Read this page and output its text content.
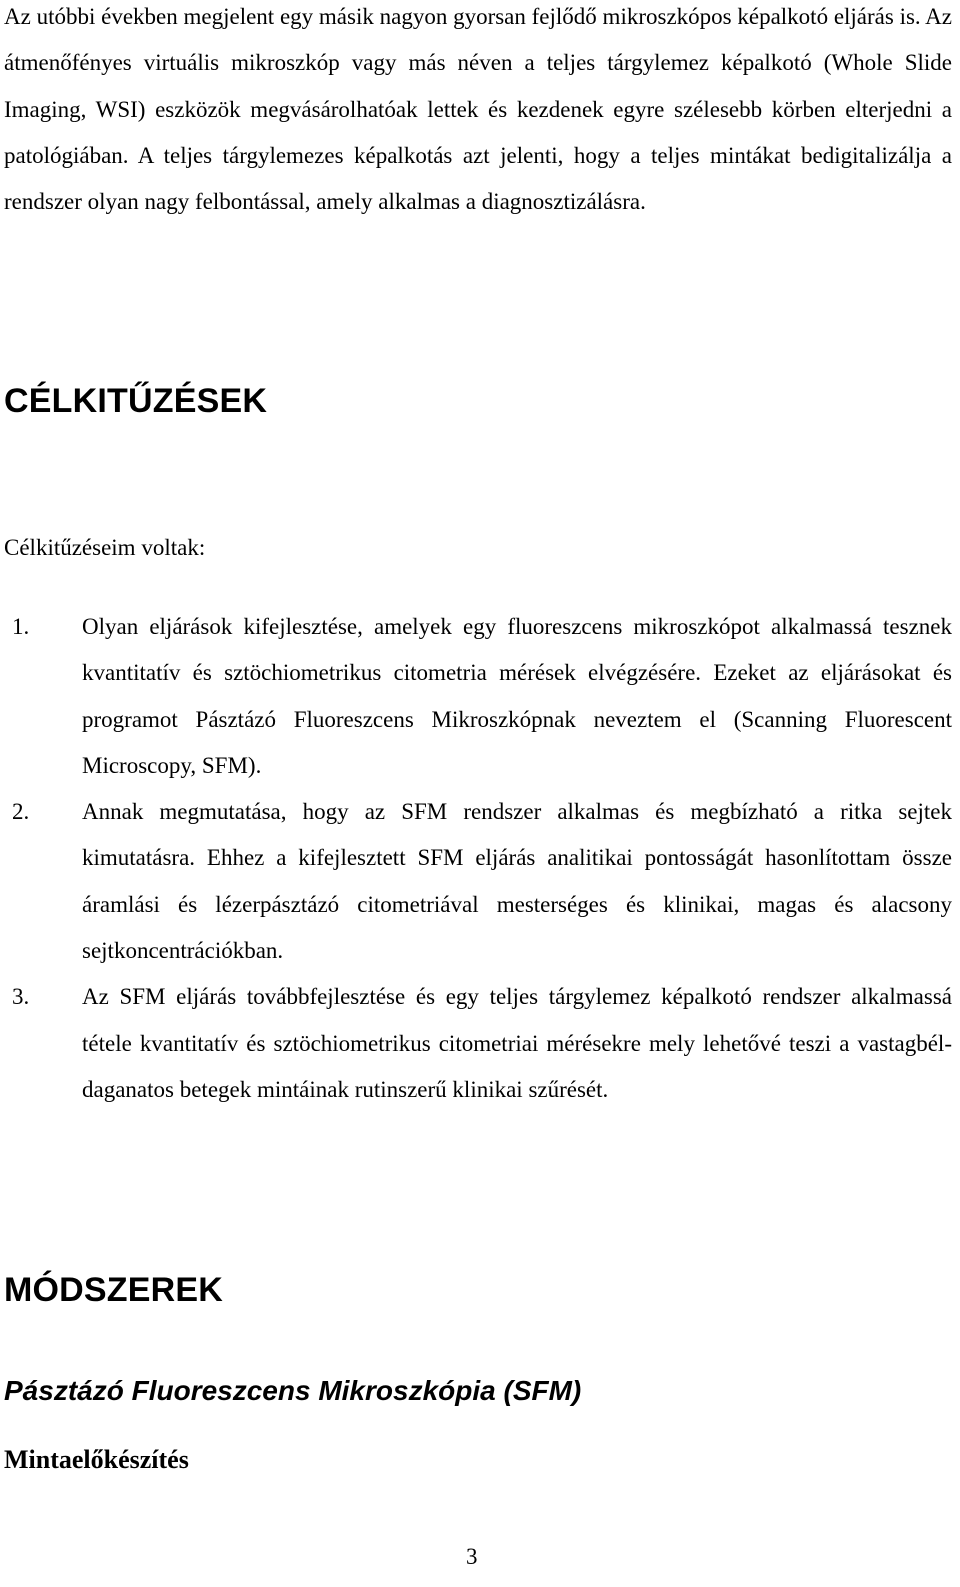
Az utóbbi években megjelent egy másik nagyon gyorsan fejlődő mikroszkópos képalkotó eljárás is. Az átmenőfényes virtuális mikroszkóp vagy más néven a teljes tárgylemez képalkotó (Whole Slide Imaging, WSI) eszközök megvásárolhatóak lettek és kezdenek egyre szélesebb körben elterjedni a patológiában. A teljes tárgylemezes képalkotás azt jelenti, hogy a teljes mintákat bedigitalizálja a rendszer olyan nagy felbontással, amely alkalmas a diagnosztizálásra.

CÉLKITŰZÉSEK

Célkitűzéseim voltak:

1. Olyan eljárások kifejlesztése, amelyek egy fluoreszcens mikroszkópot alkalmassá tesznek kvantitatív és sztöchiometrikus citometria mérések elvégzésére. Ezeket az eljárásokat és programot Pásztázó Fluoreszcens Mikroszkópnak neveztem el (Scanning Fluorescent Microscopy, SFM).
2. Annak megmutatása, hogy az SFM rendszer alkalmas és megbízható a ritka sejtek kimutatásra. Ehhez a kifejlesztett SFM eljárás analitikai pontosságát hasonlítottam össze áramlási és lézerpásztázó citometriával mesterséges és klinikai, magas és alacsony sejtkoncentrációkban.
3. Az SFM eljárás továbbfejlesztése és egy teljes tárgylemez képalkotó rendszer alkalmassá tétele kvantitatív és sztöchiometrikus citometriai mérésekre mely lehetővé teszi a vastagbél-daganatos betegek mintáinak rutinszerű klinikai szűrését.
MÓDSZEREK
Pásztázó Fluoreszcens Mikroszkópia (SFM)
Mintaelőkészítés

3
